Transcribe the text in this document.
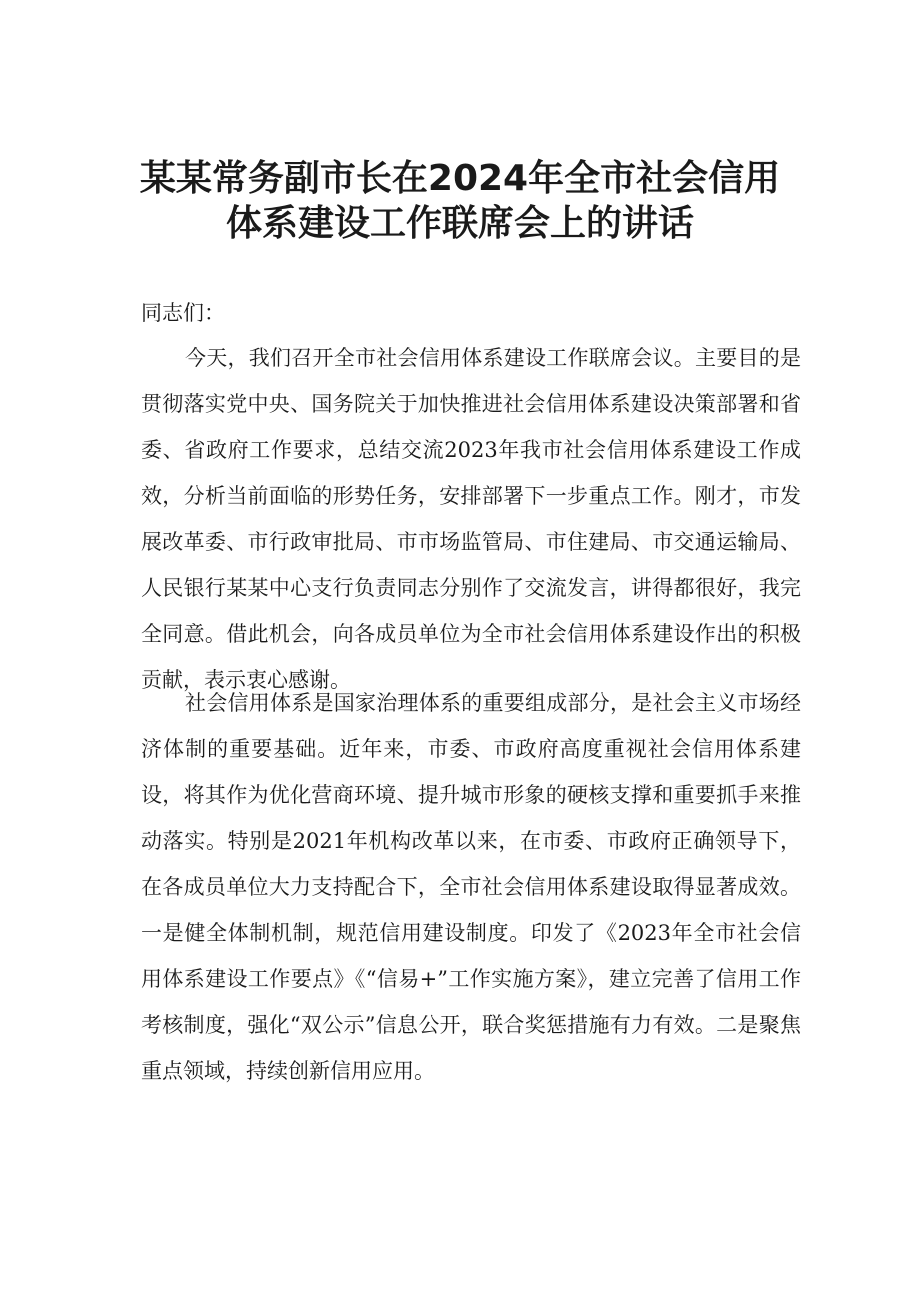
某某常务副市长在2024年全市社会信用
体系建设工作联席会上的讲话

同志们：

今天，我们召开全市社会信用体系建设工作联席会议。主要目的是贯彻落实党中央、国务院关于加快推进社会信用体系建设决策部署和省委、省政府工作要求，总结交流2023年我市社会信用体系建设工作成效，分析当前面临的形势任务，安排部署下一步重点工作。刚才，市发展改革委、市行政审批局、市市场监管局、市住建局、市交通运输局、人民银行某某中心支行负责同志分别作了交流发言，讲得都很好，我完全同意。借此机会，向各成员单位为全市社会信用体系建设作出的积极贡献，表示衷心感谢。

社会信用体系是国家治理体系的重要组成部分，是社会主义市场经济体制的重要基础。近年来，市委、市政府高度重视社会信用体系建设，将其作为优化营商环境、提升城市形象的硬核支撑和重要抓手来推动落实。特别是2021年机构改革以来，在市委、市政府正确领导下，在各成员单位大力支持配合下，全市社会信用体系建设取得显著成效。一是健全体制机制，规范信用建设制度。印发了《2023年全市社会信用体系建设工作要点》《“信易+”工作实施方案》，建立完善了信用工作考核制度，强化“双公示”信息公开，联合奖惩措施有力有效。二是聚焦重点领域，持续创新信用应用。
